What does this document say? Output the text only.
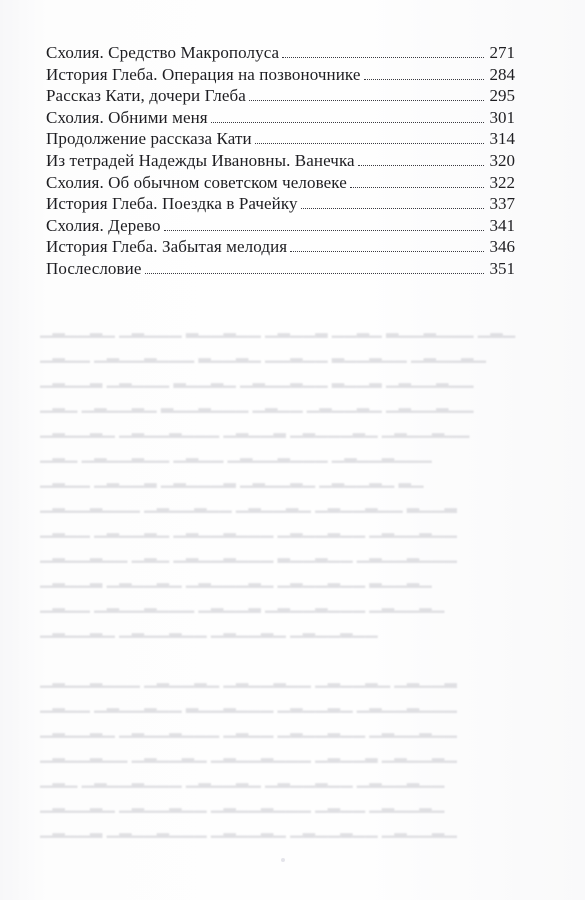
▁▂▁▁▂▁ ▁▂▁▁▁ ▂▁▁▂▁▁ ▁▂▁▁▂ ▁▁▂▁ ▂▁▁▂▁▁▁ ▁▂▁
▁▂▁▁ ▁▂▁▁▂▁▁▁ ▂▁▁▂▁ ▁▁▂▁▁ ▂▁▁▂▁▁ ▁▂▁▁▂▁
▁▂▁▁▂ ▁▂▁▁▁ ▂▁▁▂▁ ▁▂▁▁▂▁▁ ▂▁▁▂ ▁▂▁▁▂▁▁
▁▂▁ ▁▂▁▁▂▁ ▂▁▁▂▁▁▁ ▁▂▁▁ ▁▂▁▁▂▁ ▁▂▁▁▂▁▁
▁▂▁▁▂▁ ▁▂▁▁▂▁▁▁ ▁▂▁▁▂ ▁▂▁▁▁▂▁ ▁▂▁▁▂▁▁
▁▂▁ ▁▂▁▁▂▁▁ ▁▂▁▁ ▁▂▁▁▂▁▁▁ ▁▂▁▁▂▁▁▁
▁▂▁▁ ▁▂▁▁▂ ▁▂▁▁▁▂ ▁▂▁▁▂▁ ▁▂▁▁▂▁ ▂▁
▁▂▁▁▂▁▁▁ ▁▂▁▁▂▁▁ ▁▂▁▁▂▁ ▁▂▁▁▂▁▁ ▂▁▁▂
▁▂▁▁ ▁▂▁▁▂▁ ▁▂▁▁▂▁▁▁ ▁▂▁▁▂▁▁ ▁▂▁▁▂▁▁
▁▂▁▁▂▁▁ ▁▂▁ ▁▂▁▁▂▁▁▁ ▂▁▁▂▁▁ ▁▂▁▁▂▁▁▁
▁▂▁▁▂ ▁▂▁▁▂▁ ▁▂▁▁▁▂▁ ▁▂▁▁▂▁▁ ▂▁▁▂▁
▁▂▁▁ ▁▂▁▁▂▁▁▁ ▁▂▁▁▂ ▁▂▁▁▂▁▁▁ ▁▂▁▁▂▁
▁▂▁▁▂▁ ▁▂▁▁▂▁▁ ▁▂▁▁▂▁ ▁▂▁▁▂▁▁

▁▂▁▁▂▁▁▁ ▁▂▁▁▂▁ ▁▂▁▁▂▁▁ ▁▂▁▁▂▁ ▁▂▁▁▂
▁▂▁▁ ▁▂▁▁▂▁▁ ▂▁▁▂▁▁▁ ▁▂▁▁▂▁ ▁▂▁▁▂▁▁▁
▁▂▁▁▂▁ ▁▂▁▁▂▁▁▁ ▁▂▁▁ ▁▂▁▁▂▁▁ ▁▂▁▁▂▁▁
▁▂▁▁▂▁▁ ▁▂▁▁▂▁ ▁▂▁▁▂▁▁▁ ▁▂▁▁▂ ▁▂▁▁▂▁
▁▂▁ ▁▂▁▁▂▁▁▁ ▁▂▁▁▂▁ ▁▂▁▁▂▁▁ ▁▂▁▁▂▁▁
▁▂▁▁▂▁ ▁▂▁▁▂▁▁ ▁▂▁▁▂▁▁▁ ▁▂▁▁ ▁▂▁▁▂▁
▁▂▁▁▂ ▁▂▁▁▂▁▁▁ ▁▂▁▁▂▁ ▁▂▁▁▂▁▁ ▁▂▁▁▂▁
Схолия. Средство Макрополуса	271
История Глеба. Операция на позвоночнике	284
Рассказ Кати, дочери Глеба	295
Схолия. Обними меня	301
Продолжение рассказа Кати	314
Из тетрадей Надежды Ивановны. Ванечка	320
Схолия. Об обычном советском человеке	322
История Глеба. Поездка в Рачейку	337
Схолия. Дерево	341
История Глеба. Забытая мелодия	346
Послесловие	351
